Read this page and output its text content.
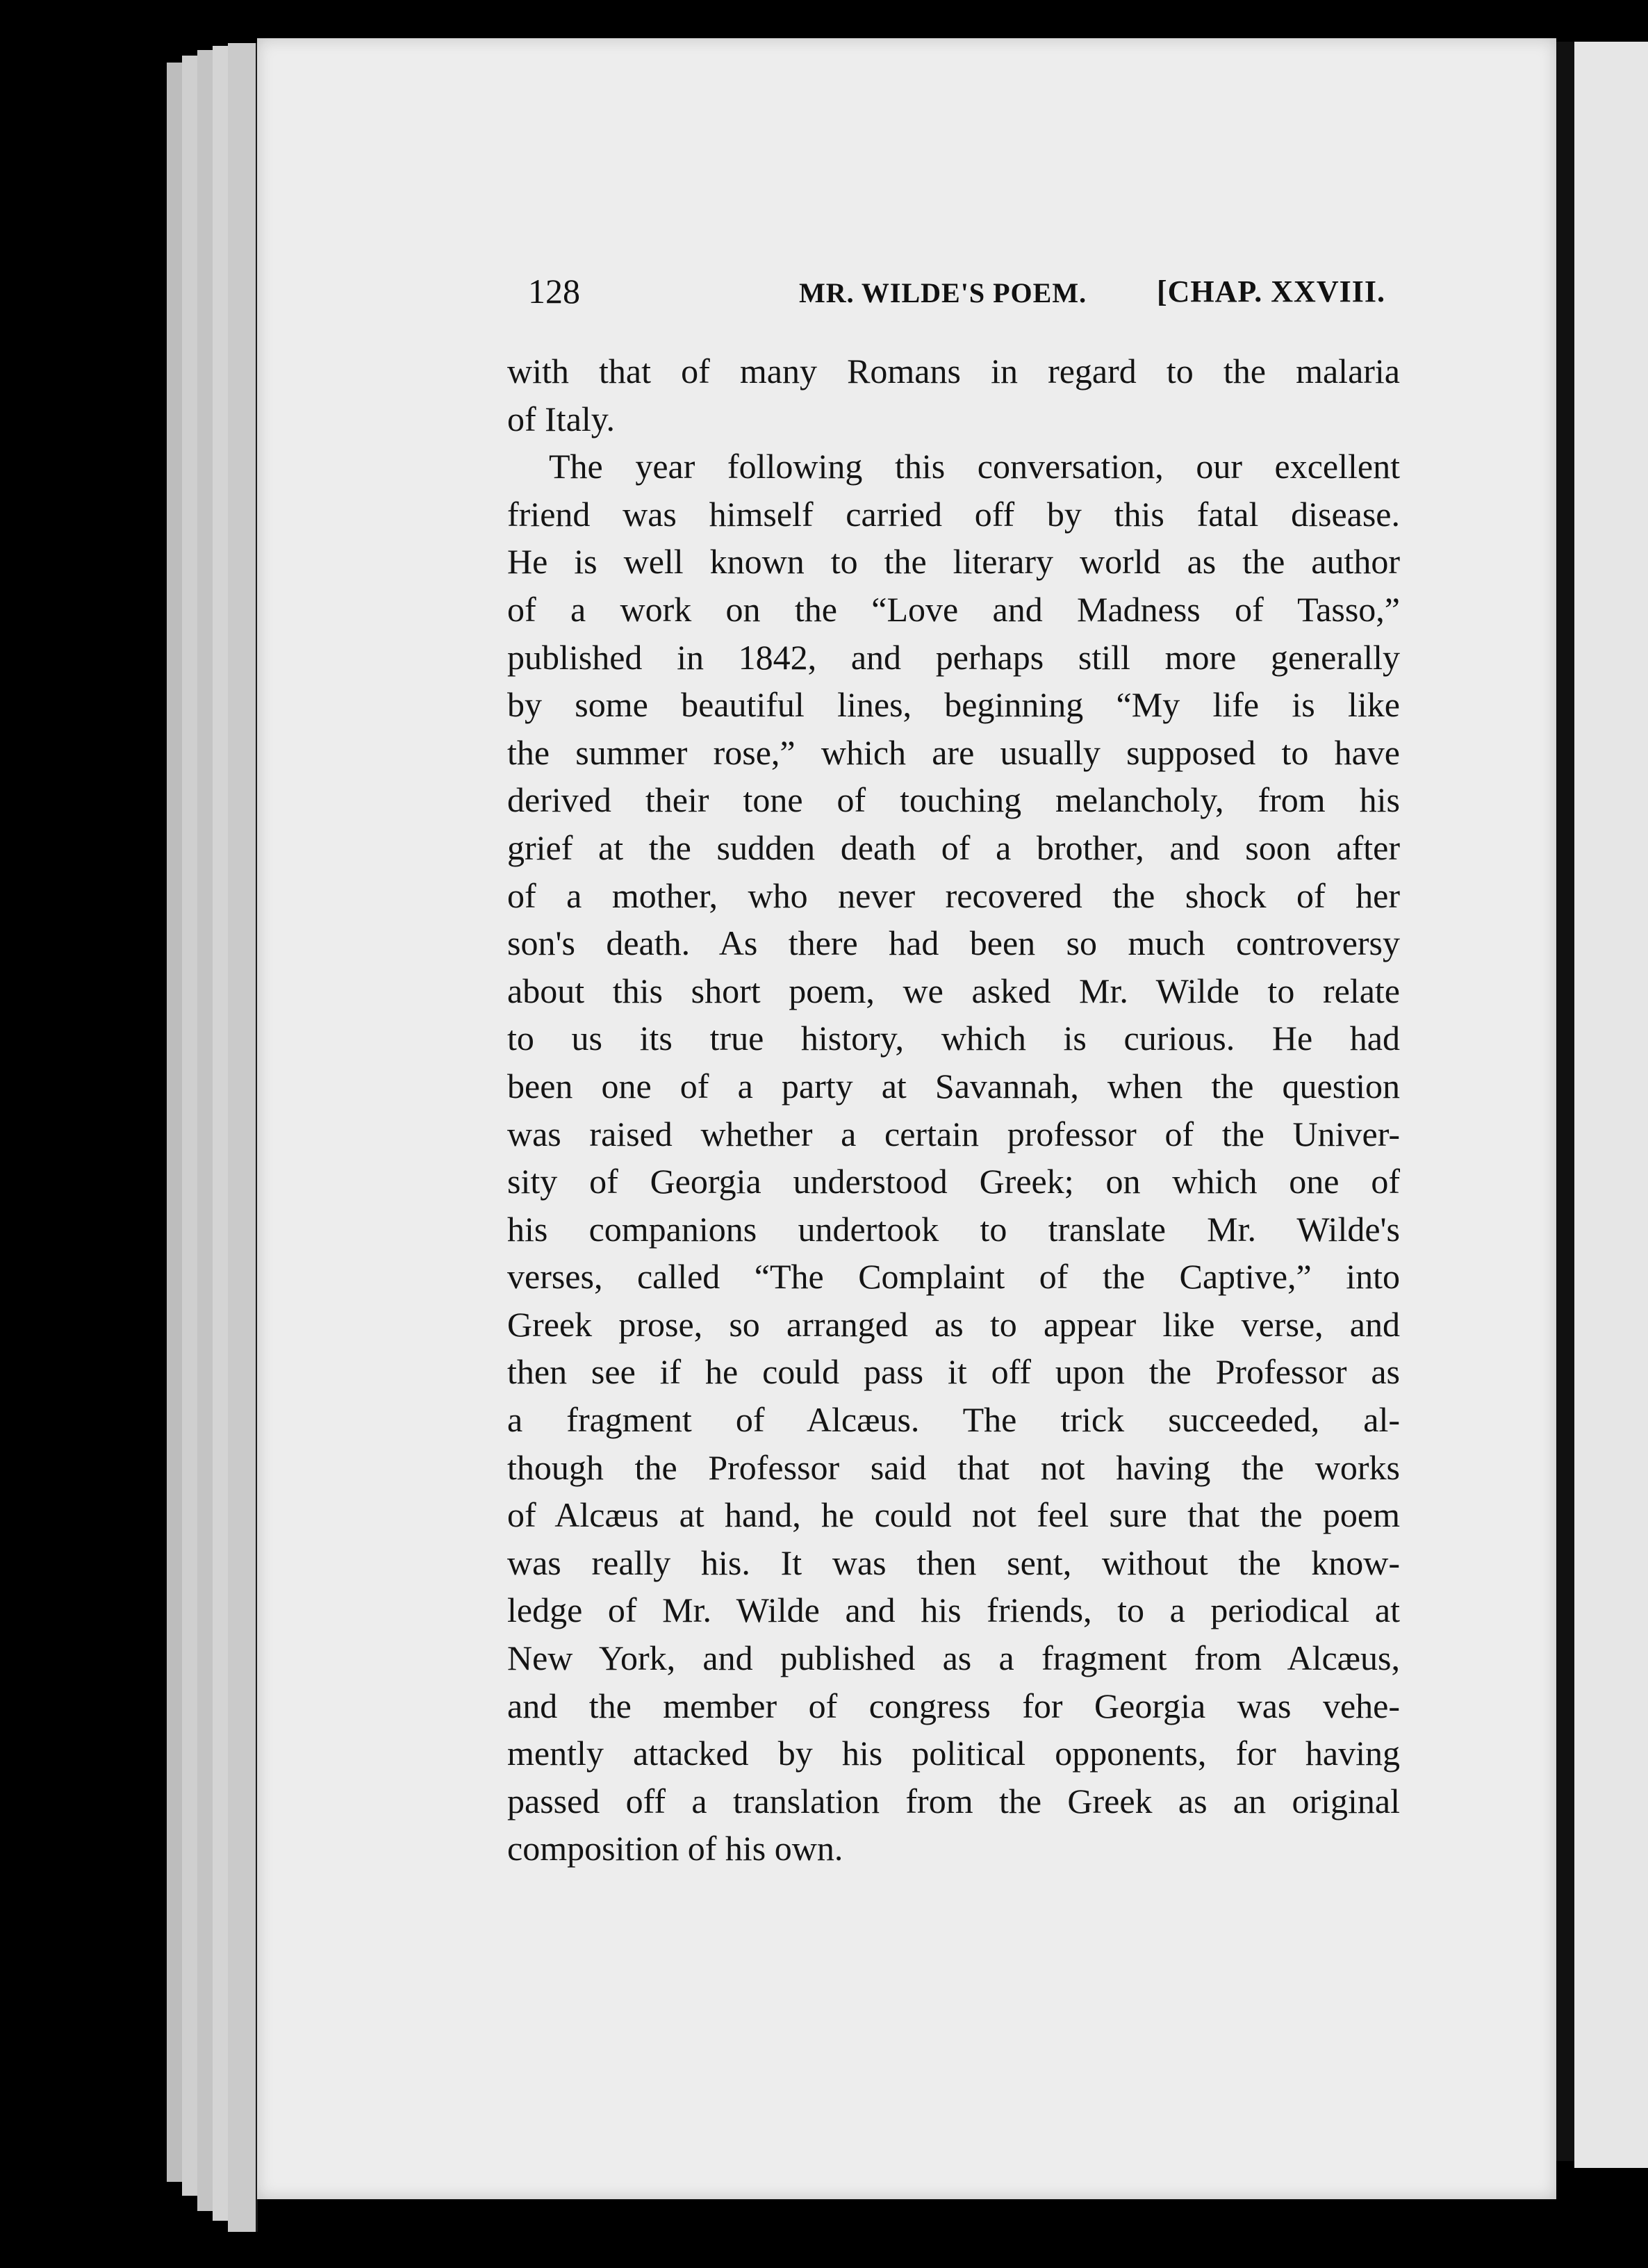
128	MR. WILDE'S POEM. [CHAP. XXVIII.
with that of many Romans in regard to the malaria
of Italy.
The year following this conversation, our excellent
friend was himself carried off by this fatal disease.
He is well known to the literary world as the author
of a work on the “Love and Madness of Tasso,”
published in 1842, and perhaps still more generally
by some beautiful lines, beginning “My life is like
the summer rose,” which are usually supposed to have
derived their tone of touching melancholy, from his
grief at the sudden death of a brother, and soon after
of a mother, who never recovered the shock of her
son's death. As there had been so much controversy
about this short poem, we asked Mr. Wilde to relate
to us its true history, which is curious. He had
been one of a party at Savannah, when the question
was raised whether a certain professor of the Univer-
sity of Georgia understood Greek; on which one of
his companions undertook to translate Mr. Wilde's
verses, called “The Complaint of the Captive,” into
Greek prose, so arranged as to appear like verse, and
then see if he could pass it off upon the Professor as
a fragment of Alcæus. The trick succeeded, al-
though the Professor said that not having the works
of Alcæus at hand, he could not feel sure that the poem
was really his. It was then sent, without the know-
ledge of Mr. Wilde and his friends, to a periodical at
New York, and published as a fragment from Alcæus,
and the member of congress for Georgia was vehe-
mently attacked by his political opponents, for having
passed off a translation from the Greek as an original
composition of his own.
